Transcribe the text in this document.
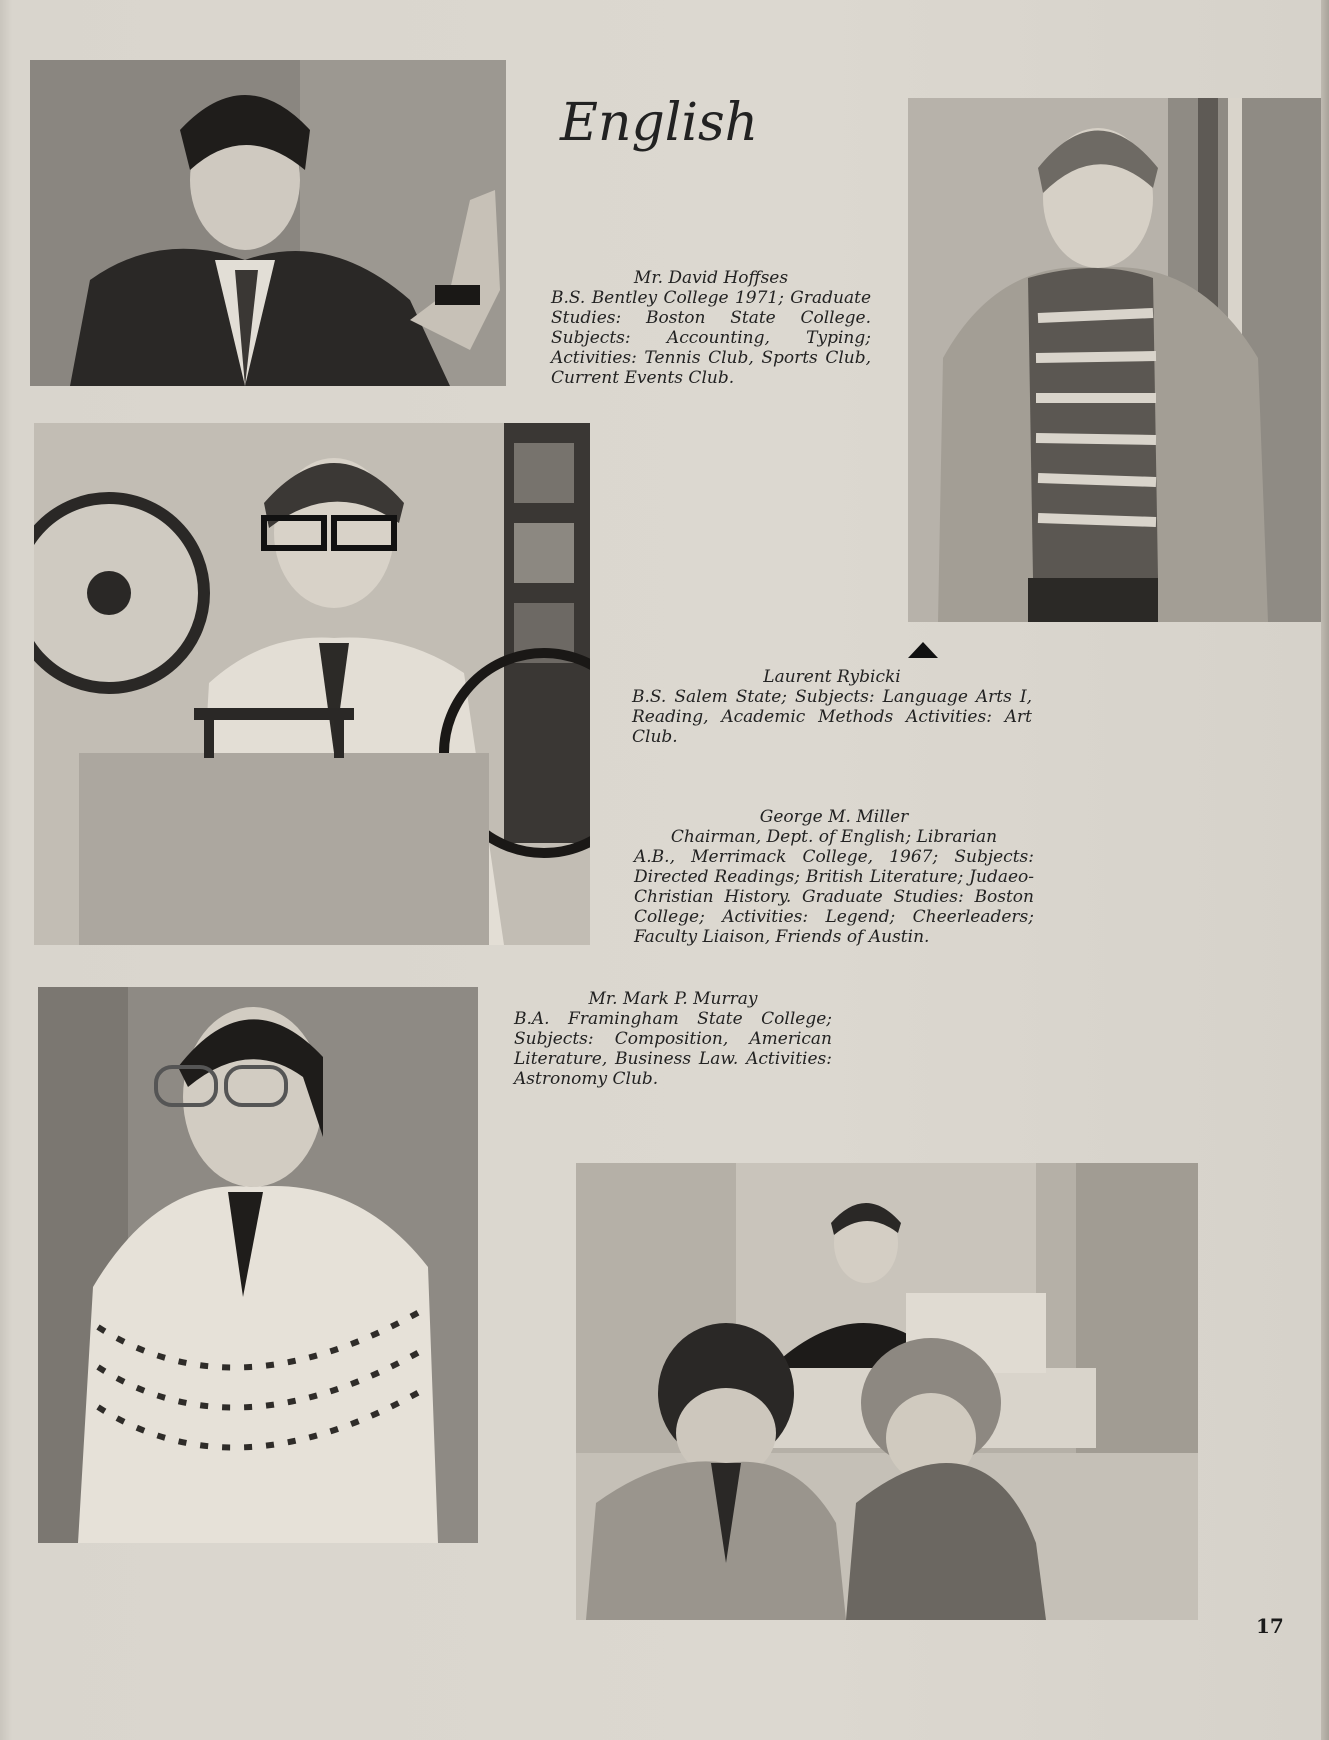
English
Mr. David Hoffses
B.S. Bentley College 1971; Graduate Studies: Boston State College. Subjects: Accounting, Typing; Activities: Tennis Club, Sports Club, Current Events Club.
Laurent Rybicki
B.S. Salem State; Subjects: Language Arts I, Reading, Academic Methods Activities: Art Club.
George M. Miller
Chairman, Dept. of English; Librarian
A.B., Merrimack College, 1967; Subjects: Directed Readings; British Literature; Judaeo-Christian History. Graduate Studies: Boston College; Activities: Legend; Cheerleaders; Faculty Liaison, Friends of Austin.
Mr. Mark P. Murray
B.A. Framingham State College; Subjects: Composition, American Literature, Business Law. Activities: Astronomy Club.
17
